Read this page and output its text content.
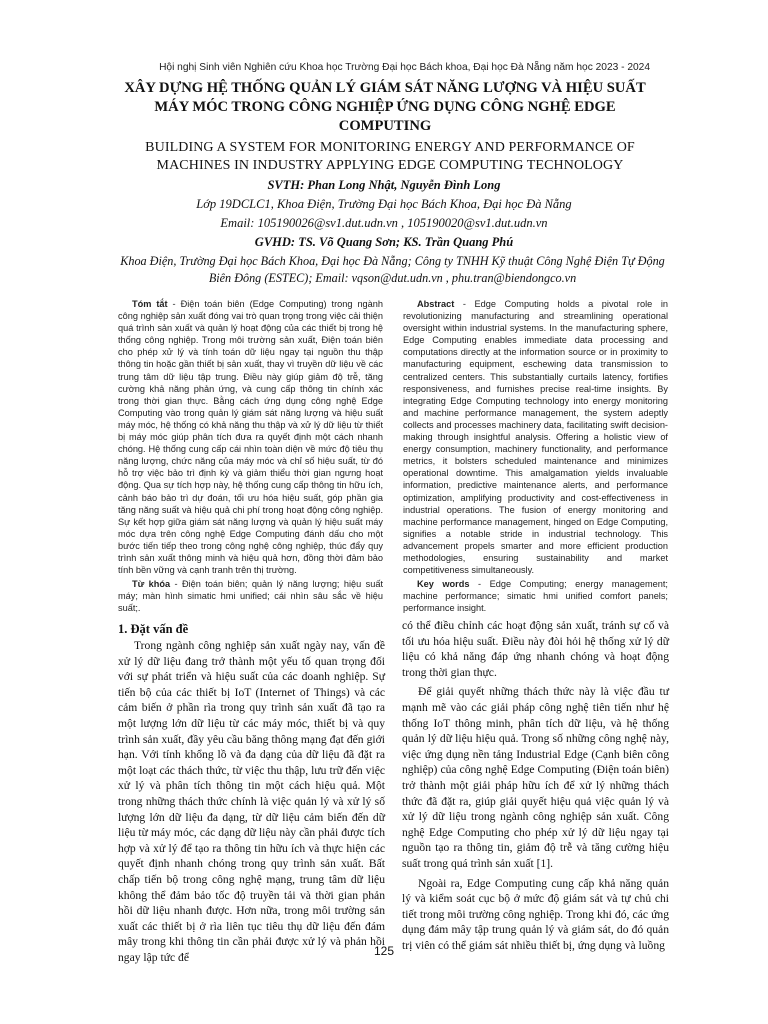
Hội nghị Sinh viên Nghiên cứu Khoa học Trường Đại học Bách khoa, Đại học Đà Nẵng năm học 2023 - 2024
XÂY DỰNG HỆ THỐNG QUẢN LÝ GIÁM SÁT NĂNG LƯỢNG VÀ HIỆU SUẤT MÁY MÓC TRONG CÔNG NGHIỆP ỨNG DỤNG CÔNG NGHỆ EDGE COMPUTING
BUILDING A SYSTEM FOR MONITORING ENERGY AND PERFORMANCE OF MACHINES IN INDUSTRY APPLYING EDGE COMPUTING TECHNOLOGY
SVTH: Phan Long Nhật, Nguyễn Đình Long
Lớp 19DCLC1, Khoa Điện, Trường Đại học Bách Khoa, Đại học Đà Nẵng
Email: 105190026@sv1.dut.udn.vn , 105190020@sv1.dut.udn.vn
GVHD: TS. Võ Quang Sơn; KS. Trần Quang Phú
Khoa Điện, Trường Đại học Bách Khoa, Đại học Đà Nẵng; Công ty TNHH Kỹ thuật Công Nghệ Điện Tự Động Biên Đông (ESTEC); Email: vqson@dut.udn.vn , phu.tran@biendongco.vn

Tóm tắt - Điện toán biên (Edge Computing) trong ngành công nghiệp sản xuất đóng vai trò quan trọng trong việc cải thiện quá trình sản xuất và quản lý hoạt động của các thiết bị trong hệ thống công nghiệp. Trong môi trường sản xuất, Điện toán biên cho phép xử lý và tính toán dữ liệu ngay tại nguồn thu thập thông tin hoặc gần thiết bị sản xuất, thay vì truyền dữ liệu về các trung tâm dữ liệu tập trung. Điều này giúp giảm độ trễ, tăng cường khả năng phản ứng, và cung cấp thông tin chính xác trong thời gian thực. Bằng cách ứng dụng công nghệ Edge Computing vào trong quản lý giám sát năng lượng và hiệu suất máy móc, hệ thống có khả năng thu thập và xử lý dữ liệu từ thiết bị máy móc giúp phân tích đưa ra quyết định một cách nhanh chóng. Hệ thống cung cấp cái nhìn toàn diện về mức độ tiêu thụ năng lượng, chức năng của máy móc và chỉ số hiệu suất, từ đó hỗ trợ việc bảo trì định kỳ và giảm thiểu thời gian ngưng hoạt động. Qua sự tích hợp này, hệ thống cung cấp thông tin hữu ích, cảnh báo bảo trì dự đoán, tối ưu hóa hiệu suất, góp phần gia tăng năng suất và hiệu quả chi phí trong hoạt động công nghiệp. Sự kết hợp giữa giám sát năng lượng và quản lý hiệu suất máy móc dựa trên công nghệ Edge Computing đánh dấu cho một bước tiến tiếp theo trong công nghệ công nghiệp, thúc đẩy quy trình sản xuất thông minh và hiệu quả hơn, đồng thời đảm bảo tính bền vững và cạnh tranh trên thị trường.

Từ khóa - Điện toán biên; quản lý năng lượng; hiệu suất máy; màn hình simatic hmi unified; cái nhìn sâu sắc về hiệu suất;.

Abstract - Edge Computing holds a pivotal role in revolutionizing manufacturing and streamlining operational oversight within industrial systems. In the manufacturing sphere, Edge Computing enables immediate data processing and computations directly at the information source or in proximity to manufacturing equipment, eschewing data transmission to centralized centers. This substantially curtails latency, fortifies responsiveness, and furnishes precise real-time insights. By integrating Edge Computing technology into energy monitoring and machine performance management, the system adeptly collects and processes machinery data, facilitating swift decision-making through insightful analysis. Offering a holistic view of energy consumption, machinery functionality, and performance metrics, it bolsters scheduled maintenance and minimizes operational downtime. This amalgamation yields invaluable information, predictive maintenance alerts, and performance optimization, amplifying productivity and cost-effectiveness in industrial operations. The fusion of energy monitoring and machine performance management, hinged on Edge Computing, signifies a notable stride in industrial technology. This advancement propels smarter and more efficient production methodologies, ensuring sustainability and market competitiveness simultaneously.

Key words - Edge Computing; energy management; machine performance; simatic hmi unified comfort panels; performance insight.

1. Đặt vấn đề

Trong ngành công nghiệp sản xuất ngày nay, vấn đề xử lý dữ liệu đang trở thành một yếu tố quan trọng đối với sự phát triển và hiệu suất của các doanh nghiệp. Sự tiến bộ của các thiết bị IoT (Internet of Things) và các cảm biến ở phần rìa trong quy trình sản xuất đã tạo ra một lượng lớn dữ liệu từ các máy móc, thiết bị và quy trình sản xuất, đầy yêu cầu băng thông mạng đạt đến giới hạn. Với tính khổng lồ và đa dạng của dữ liệu đã đặt ra một loạt các thách thức, từ việc thu thập, lưu trữ đến việc xử lý và phân tích thông tin một cách hiệu quả. Một trong những thách thức chính là việc quản lý và xử lý số lượng lớn dữ liệu đa dạng, từ dữ liệu cảm biến đến dữ liệu từ máy móc, các dạng dữ liệu này cần phải được tích hợp và xử lý để tạo ra thông tin hữu ích và thực hiện các quyết định nhanh chóng trong quy trình sản xuất. Bất chấp tiến bộ trong công nghệ mạng, trung tâm dữ liệu không thể đảm bảo tốc độ truyền tải và thời gian phản hồi dữ liệu nhanh được. Hơn nữa, trong môi trường sản xuất các thiết bị ở rìa liên tục tiêu thụ dữ liệu đến đám mây trong khi thông tin cần phải được xử lý và phản hồi ngay lập tức để

có thể điều chỉnh các hoạt động sản xuất, tránh sự cố và tối ưu hóa hiệu suất. Điều này đòi hỏi hệ thống xử lý dữ liệu có khả năng đáp ứng nhanh chóng và hoạt động trong thời gian thực.

Để giải quyết những thách thức này là việc đầu tư mạnh mẽ vào các giải pháp công nghệ tiên tiến như hệ thống IoT thông minh, phân tích dữ liệu, và hệ thống quản lý dữ liệu hiệu quả. Trong số những công nghệ này, việc ứng dụng nền tảng Industrial Edge (Cạnh biên công nghiệp) của công nghệ Edge Computing (Điện toán biên) trở thành một giải pháp hữu ích để xử lý những thách thức đã đặt ra, giúp giải quyết hiệu quả việc quản lý và xử lý dữ liệu trong ngành công nghiệp sản xuất. Công nghệ Edge Computing cho phép xử lý dữ liệu ngay tại nguồn tạo ra thông tin, giảm độ trễ và tăng cường hiệu suất trong quá trình sản xuất [1].

Ngoài ra, Edge Computing cung cấp khả năng quản lý và kiểm soát cục bộ ở mức độ giám sát và tự chủ chi tiết trong môi trường công nghiệp. Trong khi đó, các ứng dụng đám mây tập trung quản lý và giám sát, do đó quản trị viên có thể giám sát nhiều thiết bị, ứng dụng và luồng

125
